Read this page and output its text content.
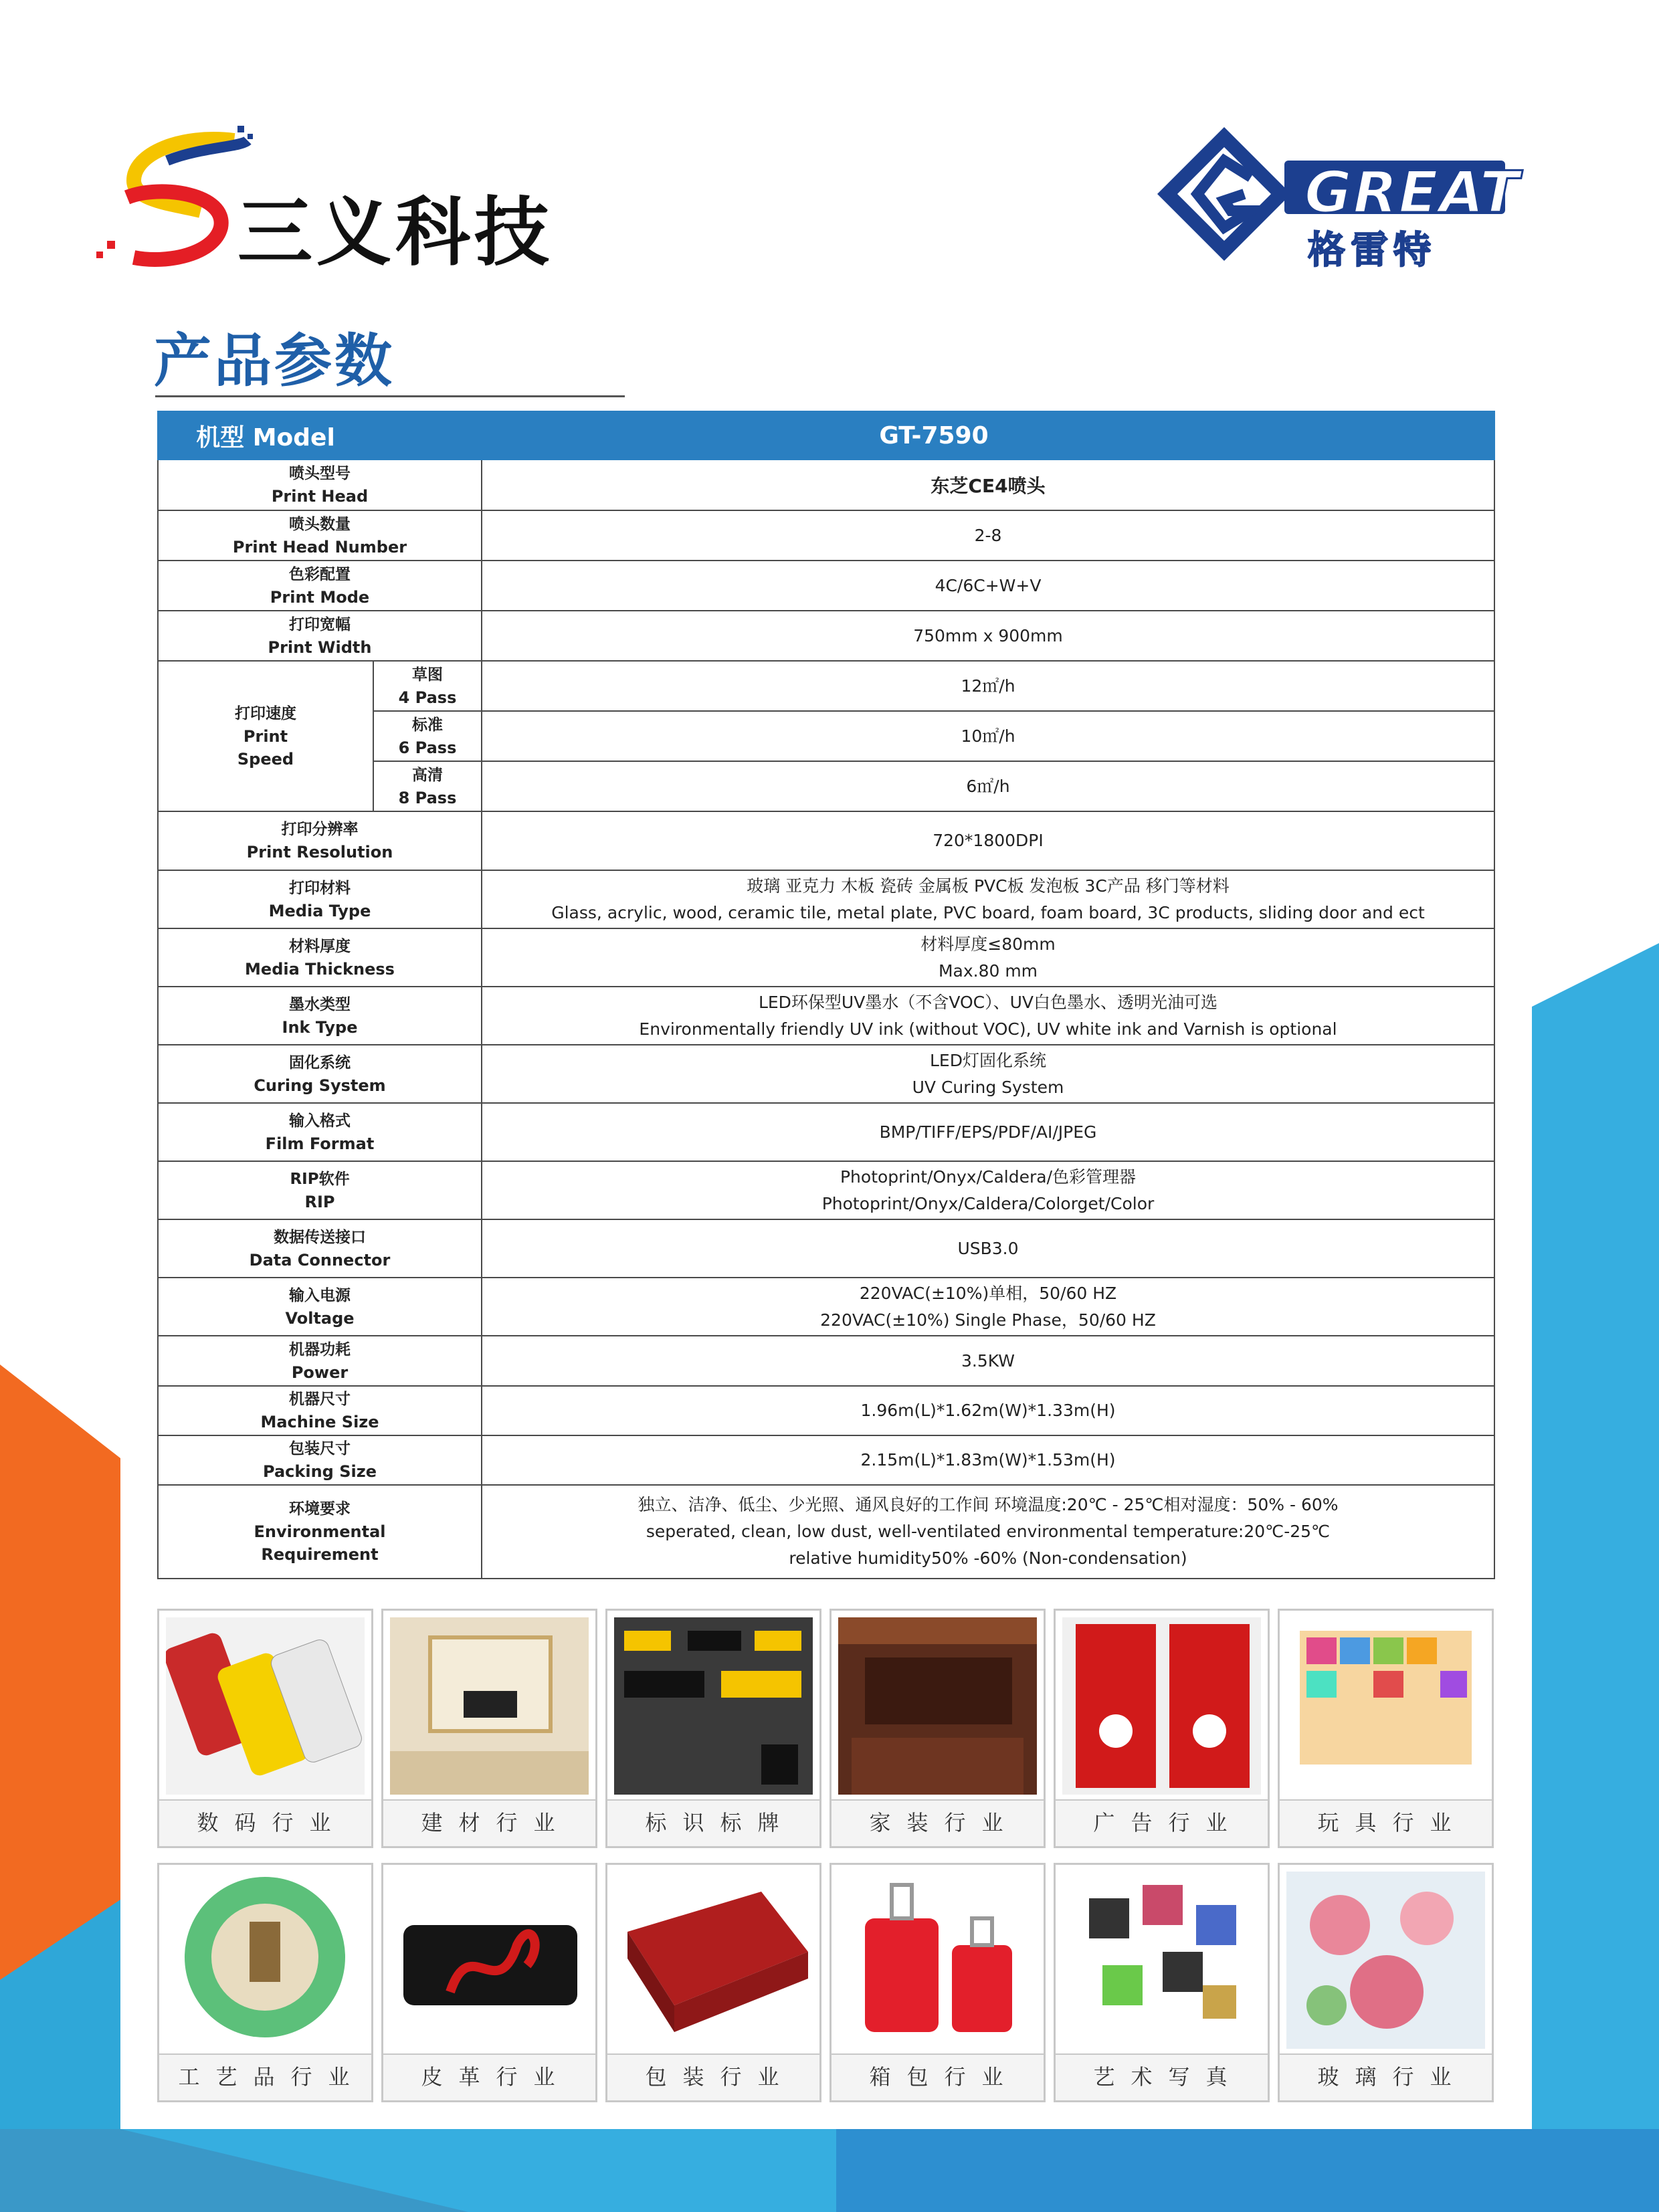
三义科技	GREAT
格雷特
产品参数
机型 Model	GT-7590	

喷头型号
Print Head		东芝CE4喷头

喷头数量
Print Head Number		2-8

色彩配置
Print Mode		4C/6C+W+V

打印宽幅
Print Width		750mm x 900mm

打印速度
Print
Speed	草图
4 Pass	12㎡/h

	标准
6 Pass	10㎡/h

	高清
8 Pass	6㎡/h

打印分辨率
Print Resolution		720*1800DPI

打印材料
Media Type		玻璃 亚克力 木板 瓷砖 金属板 PVC板 发泡板 3C产品 移门等材料
Glass, acrylic, wood, ceramic tile, metal plate, PVC board, foam board, 3C products, sliding door and ect

材料厚度
Media Thickness		材料厚度≤80mm
Max.80 mm

墨水类型
Ink Type		LED环保型UV墨水（不含VOC）、UV白色墨水、透明光油可选
Environmentally friendly UV ink (without VOC), UV white ink and Varnish is optional

固化系统
Curing System		LED灯固化系统
UV Curing System

输入格式
Film Format		BMP/TIFF/EPS/PDF/AI/JPEG

RIP软件
RIP		Photoprint/Onyx/Caldera/色彩管理器
Photoprint/Onyx/Caldera/Colorget/Color

数据传送接口
Data Connector		USB3.0

输入电源
Voltage		220VAC(±10%)单相，50/60 HZ
220VAC(±10%) Single Phase，50/60 HZ

机器功耗
Power		3.5KW

机器尺寸
Machine Size		1.96m(L)*1.62m(W)*1.33m(H)

包装尺寸
Packing Size		2.15m(L)*1.83m(W)*1.53m(H)

环境要求
Environmental
Requirement		独立、洁净、低尘、少光照、通风良好的工作间 环境温度:20℃ - 25℃相对湿度：50% - 60%
seperated, clean, low dust, well-ventilated environmental temperature:20℃-25℃
relative humidity50% -60% (Non-condensation)
数码行业	建材行业	标识标牌	家装行业	广告行业	玩具行业
工艺品行业	皮革行业	包装行业	箱包行业	艺术写真	玻璃行业
